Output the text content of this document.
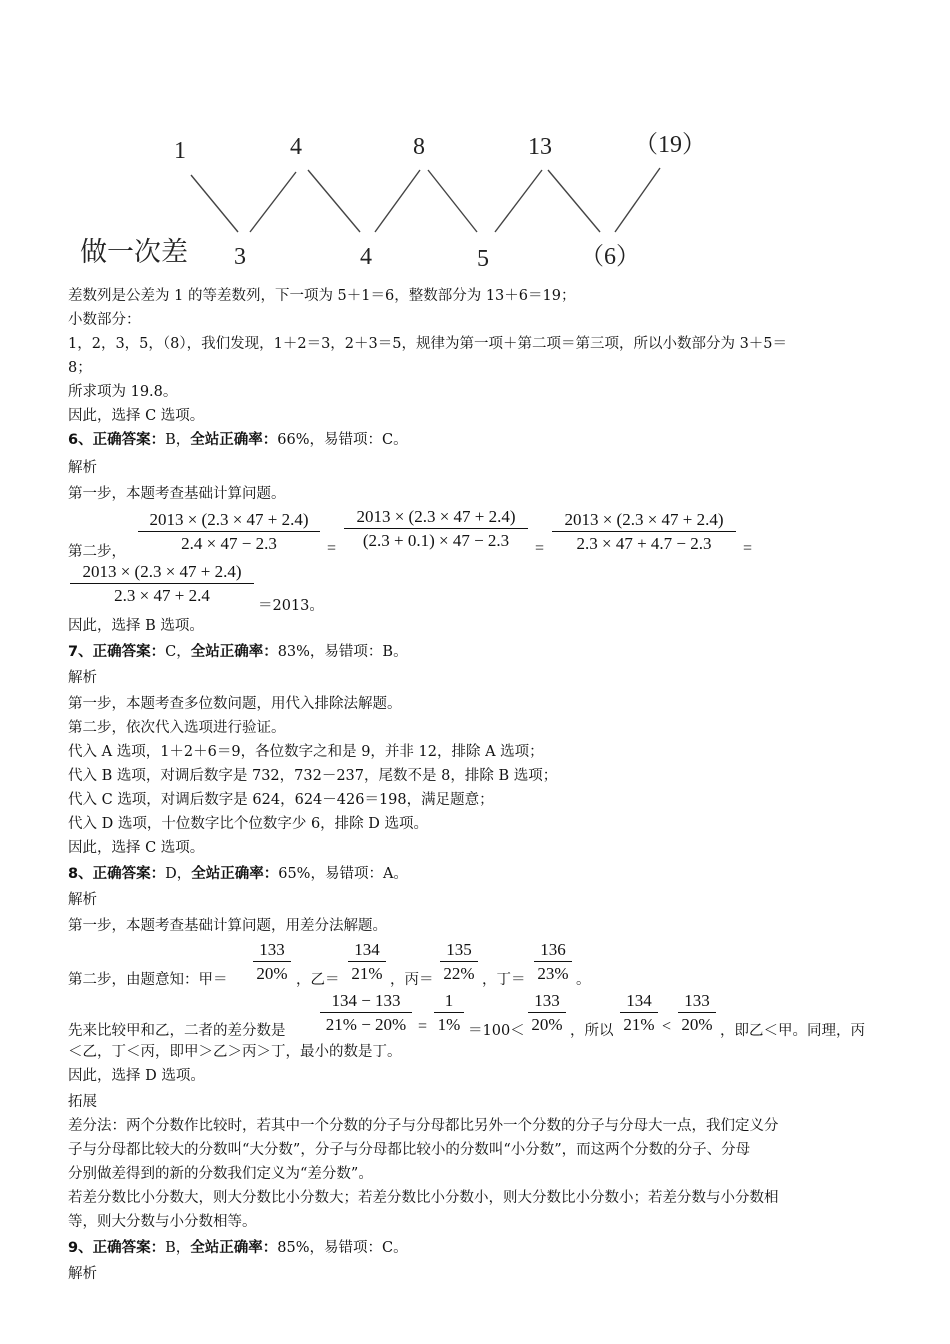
1	4	8	13	（19）
做一次差 3	4	5	（6）
差数列是公差为 1 的等差数列，下一项为 5＋1＝6，整数部分为 13＋6＝19；
小数部分：
1，2，3，5，（8），我们发现，1＋2＝3，2＋3＝5，规律为第一项＋第二项＝第三项，所以小数部分为 3＋5＝
8；
所求项为 19.8。
因此，选择 C 选项。
6、正确答案：B，全站正确率：66%，易错项：C。
解析
第一步，本题考查基础计算问题。
第二步，
2013 × (2.3 × 47 + 2.4)
2.4 × 47 − 2.3	=
2013 × (2.3 × 47 + 2.4)
(2.3 + 0.1) × 47 − 2.3	=
2013 × (2.3 × 47 + 2.4)
2.3 × 47 + 4.7 − 2.3	=
2013 × (2.3 × 47 + 2.4)
2.3 × 47 + 2.4
＝2013。
因此，选择 B 选项。
7、正确答案：C，全站正确率：83%，易错项：B。
解析
第一步，本题考查多位数问题，用代入排除法解题。
第二步，依次代入选项进行验证。
代入 A 选项，1＋2＋6＝9，各位数字之和是 9，并非 12，排除 A 选项；
代入 B 选项，对调后数字是 732，732－237，尾数不是 8，排除 B 选项；
代入 C 选项，对调后数字是 624，624－426＝198，满足题意；
代入 D 选项，十位数字比个位数字少 6，排除 D 选项。
因此，选择 C 选项。
8、正确答案：D，全站正确率：65%，易错项：A。
解析
第一步，本题考查基础计算问题，用差分法解题。
第二步，由题意知：甲＝
133
20% ，乙＝
134
21% ，丙＝
135
22% ，丁＝
136
23% 。
先来比较甲和乙，二者的差分数是
134 − 133
21% − 20% =
1
1% ＝100＜
133
20% ，所以
134
21% <
133
20% ，即乙＜甲。同理，丙
＜乙，丁＜丙，即甲＞乙＞丙＞丁，最小的数是丁。
因此，选择 D 选项。
拓展
差分法：两个分数作比较时，若其中一个分数的分子与分母都比另外一个分数的分子与分母大一点，我们定义分
子与分母都比较大的分数叫“大分数”，分子与分母都比较小的分数叫“小分数”，而这两个分数的分子、分母
分别做差得到的新的分数我们定义为“差分数”。
若差分数比小分数大，则大分数比小分数大；若差分数比小分数小，则大分数比小分数小；若差分数与小分数相
等，则大分数与小分数相等。
9、正确答案：B，全站正确率：85%，易错项：C。
解析
